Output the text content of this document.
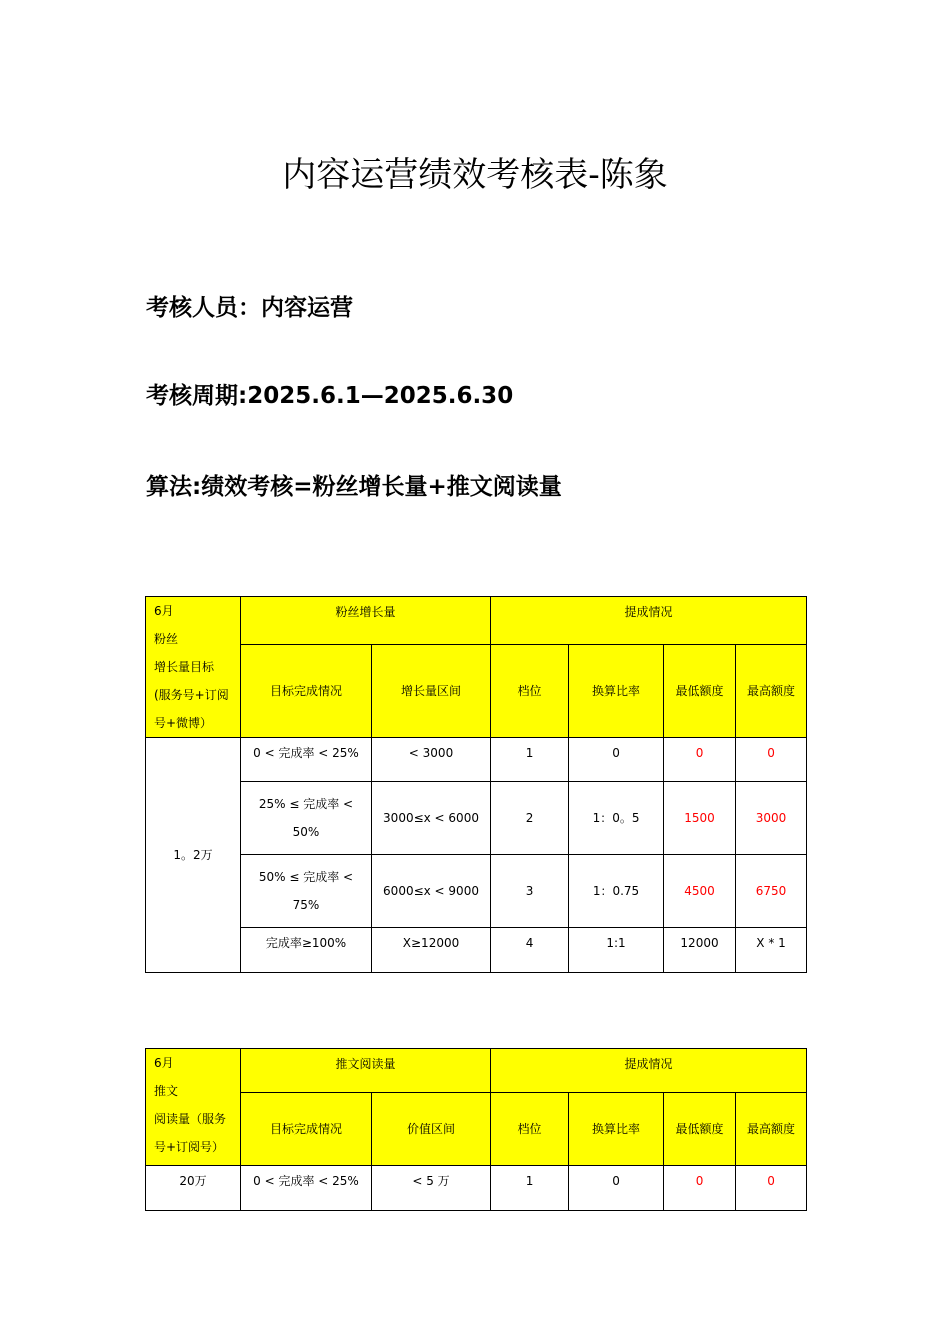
内容运营绩效考核表-陈象
考核人员：内容运营
考核周期:2025.6.1—2025.6.30
算法:绩效考核=粉丝增长量+推文阅读量
6月
粉丝
增长量目标
(服务号+订阅
号+微博）	粉丝增长量		提成情况			
	目标完成情况	增长量区间	档位	换算比率	最低额度	最高额度
1。2万	0 < 完成率 < 25%	< 3000	1	0	0	0
	25% ≤ 完成率 < 50%	3000≤x < 6000	2	1：0。5	1500	3000
	50% ≤ 完成率 < 75%	6000≤x < 9000	3	1：0.75	4500	6750
	完成率≥100%	X≥12000	4	1:1	12000	X * 1
6月
推文
阅读量（服务
号+订阅号）	推文阅读量		提成情况			
	目标完成情况	价值区间	档位	换算比率	最低额度	最高额度
20万	0 < 完成率 < 25%	< 5 万	1	0	0	0
